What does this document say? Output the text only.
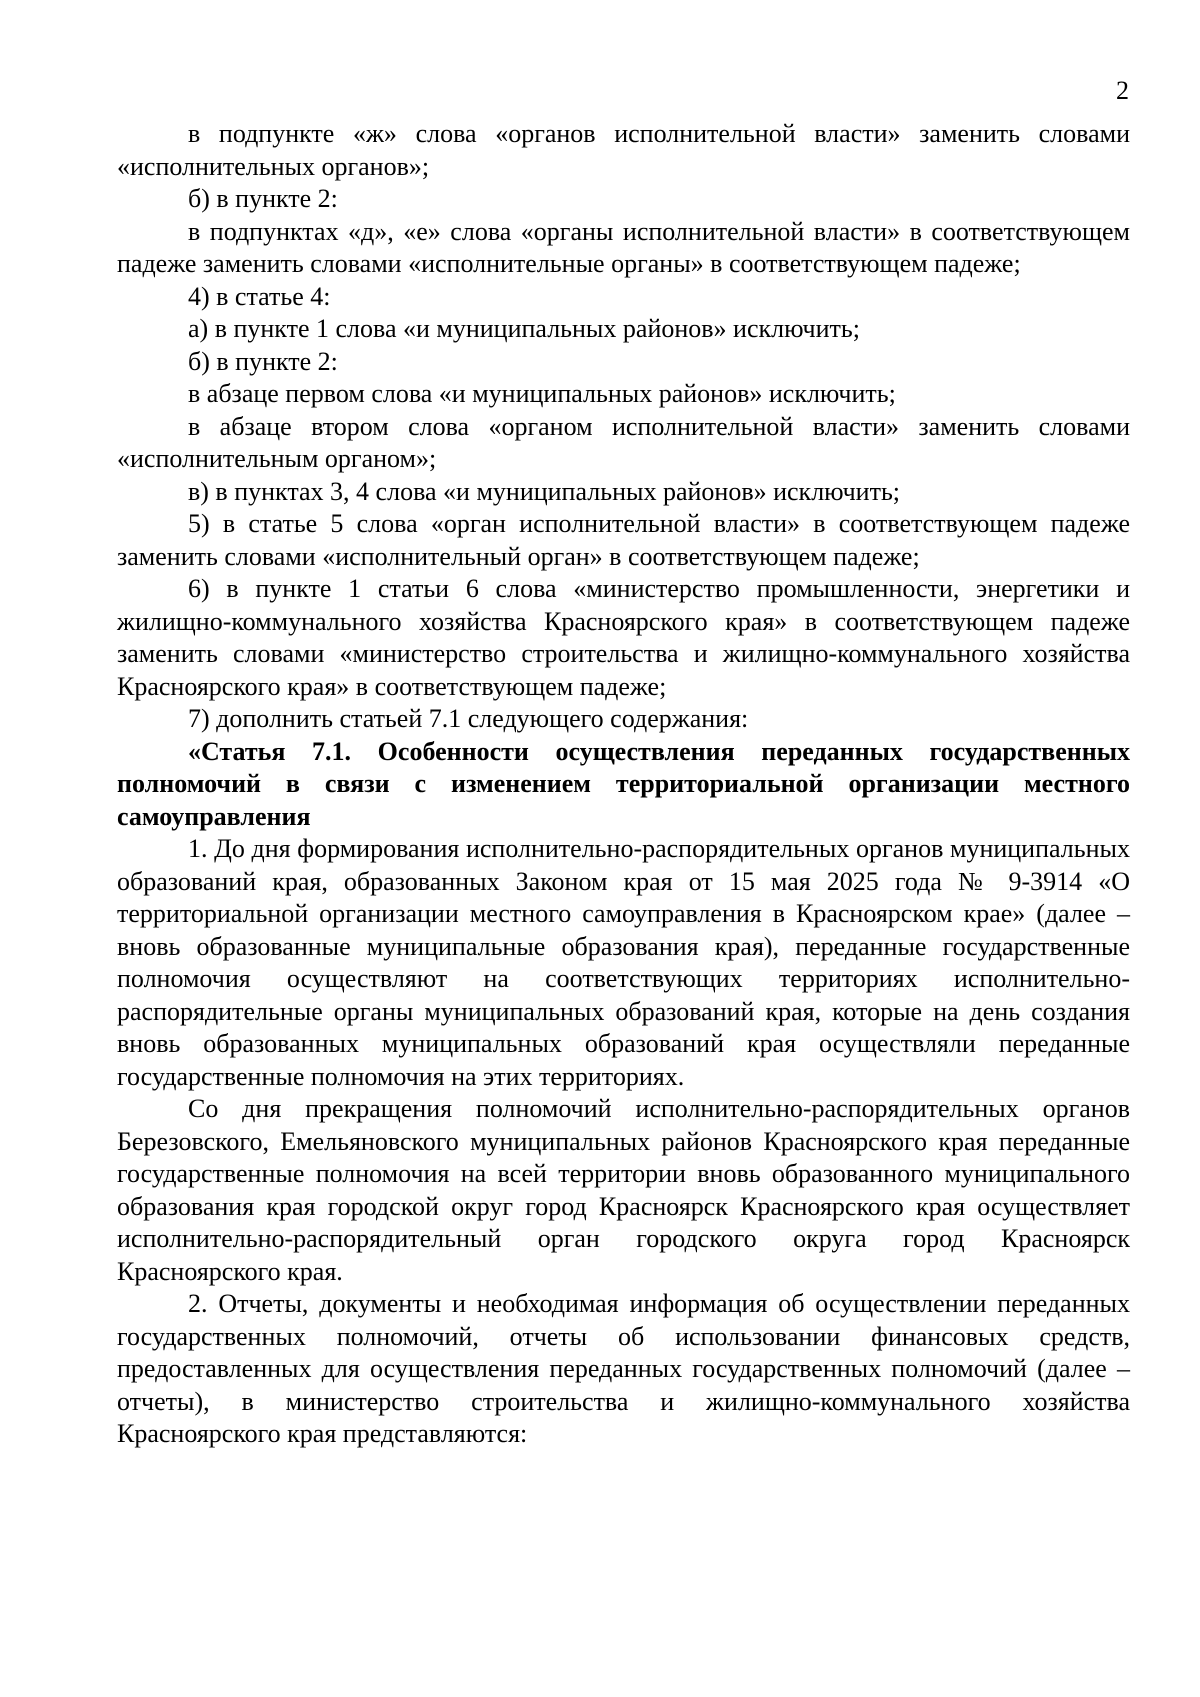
2

в подпункте «ж» слова «органов исполнительной власти» заменить словами «исполнительных органов»;

б) в пункте 2:

в подпунктах «д», «е» слова «органы исполнительной власти» в соответствующем падеже заменить словами «исполнительные органы» в соответствующем падеже;

4) в статье 4:

а) в пункте 1 слова «и муниципальных районов» исключить;

б) в пункте 2:

в абзаце первом слова «и муниципальных районов» исключить;

в абзаце втором слова «органом исполнительной власти» заменить словами «исполнительным органом»;

в) в пунктах 3, 4 слова «и муниципальных районов» исключить;

5) в статье 5 слова «орган исполнительной власти» в соответствующем падеже заменить словами «исполнительный орган» в соответствующем падеже;

6) в пункте 1 статьи 6 слова «министерство промышленности, энергетики и жилищно-коммунального хозяйства Красноярского края» в соответствующем падеже заменить словами «министерство строительства и жилищно-коммунального хозяйства Красноярского края» в соответствующем падеже;

7) дополнить статьей 7.1 следующего содержания:

«Статья 7.1. Особенности осуществления переданных государственных полномочий в связи с изменением территориальной организации местного самоуправления

1. До дня формирования исполнительно-распорядительных органов муниципальных образований края, образованных Законом края от 15 мая 2025 года № 9-3914 «О территориальной организации местного самоуправления в Красноярском крае» (далее – вновь образованные муниципальные образования края), переданные государственные полномочия осуществляют на соответствующих территориях исполнительно-распорядительные органы муниципальных образований края, которые на день создания вновь образованных муниципальных образований края осуществляли переданные государственные полномочия на этих территориях.

Со дня прекращения полномочий исполнительно-распорядительных органов Березовского, Емельяновского муниципальных районов Красноярского края переданные государственные полномочия на всей территории вновь образованного муниципального образования края городской округ город Красноярск Красноярского края осуществляет исполнительно-распорядительный орган городского округа город Красноярск Красноярского края.

2. Отчеты, документы и необходимая информация об осуществлении переданных государственных полномочий, отчеты об использовании финансовых средств, предоставленных для осуществления переданных государственных полномочий (далее – отчеты), в министерство строительства и жилищно-коммунального хозяйства Красноярского края представляются:
